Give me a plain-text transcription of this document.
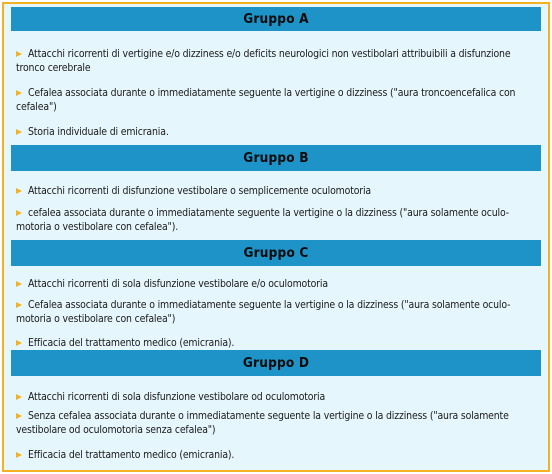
Gruppo A
Attacchi ricorrenti di vertigine e/o dizziness e/o deficits neurologici non vestibolari attribuibili a disfunzione tronco cerebrale
Cefalea associata durante o immediatamente seguente la vertigine o dizziness ("aura troncoencefalica con cefalea")
Storia individuale di emicrania.
Gruppo B
Attacchi ricorrenti di disfunzione vestibolare o semplicemente oculomotoria
cefalea associata durante o immediatamente seguente la vertigine o la dizziness ("aura solamente oculo-motoria o vestibolare con cefalea").
Gruppo C
Attacchi ricorrenti di sola disfunzione vestibolare e/o oculomotoria
Cefalea associata durante o immediatamente seguente la vertigine o la dizziness ("aura solamente oculo-motoria o vestibolare con cefalea")
Efficacia del trattamento medico (emicrania).
Gruppo D
Attacchi ricorrenti di sola disfunzione vestibolare od oculomotoria
Senza cefalea associata durante o immediatamente seguente la vertigine o la dizziness ("aura solamente vestibolare od oculomotoria senza cefalea")
Efficacia del trattamento medico (emicrania).
